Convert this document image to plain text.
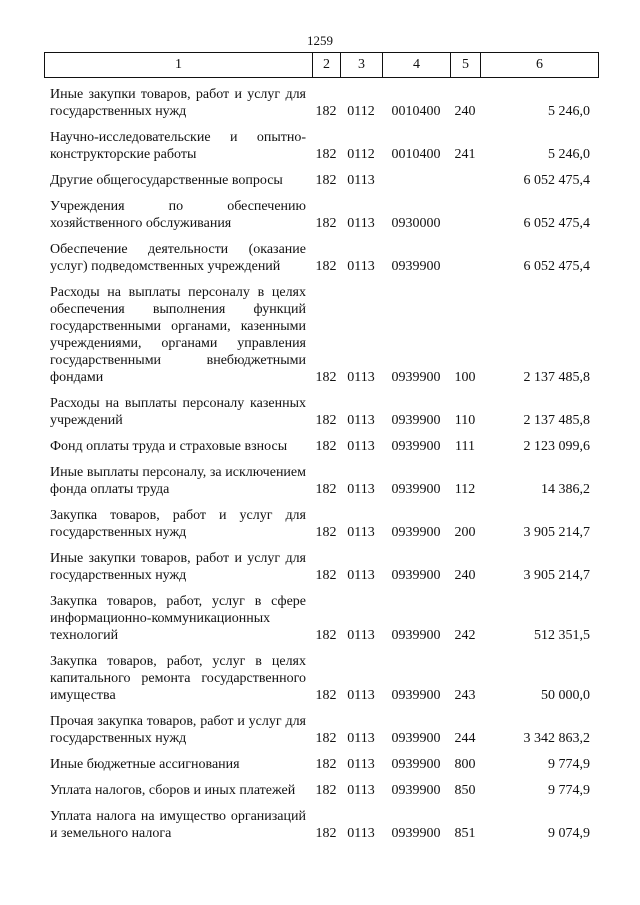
1259
1	2	3	4	5	6
Иные закупки товаров, работ и услуг для государственных нужд	182	0112	0010400	240	5 246,0
Научно-исследовательские и опытно-конструкторские работы	182	0112	0010400	241	5 246,0
Другие общегосударственные вопросы	182	0113			6 052 475,4
Учреждения по обеспечению хозяйственного обслуживания	182	0113	0930000		6 052 475,4
Обеспечение деятельности (оказание услуг) подведомственных учреждений	182	0113	0939900		6 052 475,4
Расходы на выплаты персоналу в целях обеспечения выполнения функций государственными органами, казенными учреждениями, органами управления государственными внебюджетными фондами	182	0113	0939900	100	2 137 485,8
Расходы на выплаты персоналу казенных учреждений	182	0113	0939900	110	2 137 485,8
Фонд оплаты труда и страховые взносы	182	0113	0939900	111	2 123 099,6
Иные выплаты персоналу, за исключением фонда оплаты труда	182	0113	0939900	112	14 386,2
Закупка товаров, работ и услуг для государственных нужд	182	0113	0939900	200	3 905 214,7
Иные закупки товаров, работ и услуг для государственных нужд	182	0113	0939900	240	3 905 214,7
Закупка товаров, работ, услуг в сфере информационно-коммуникационных технологий	182	0113	0939900	242	512 351,5
Закупка товаров, работ, услуг в целях капитального ремонта государственного имущества	182	0113	0939900	243	50 000,0
Прочая закупка товаров, работ и услуг для государственных нужд	182	0113	0939900	244	3 342 863,2
Иные бюджетные ассигнования	182	0113	0939900	800	9 774,9
Уплата налогов, сборов и иных платежей	182	0113	0939900	850	9 774,9
Уплата налога на имущество организаций и земельного налога	182	0113	0939900	851	9 074,9
